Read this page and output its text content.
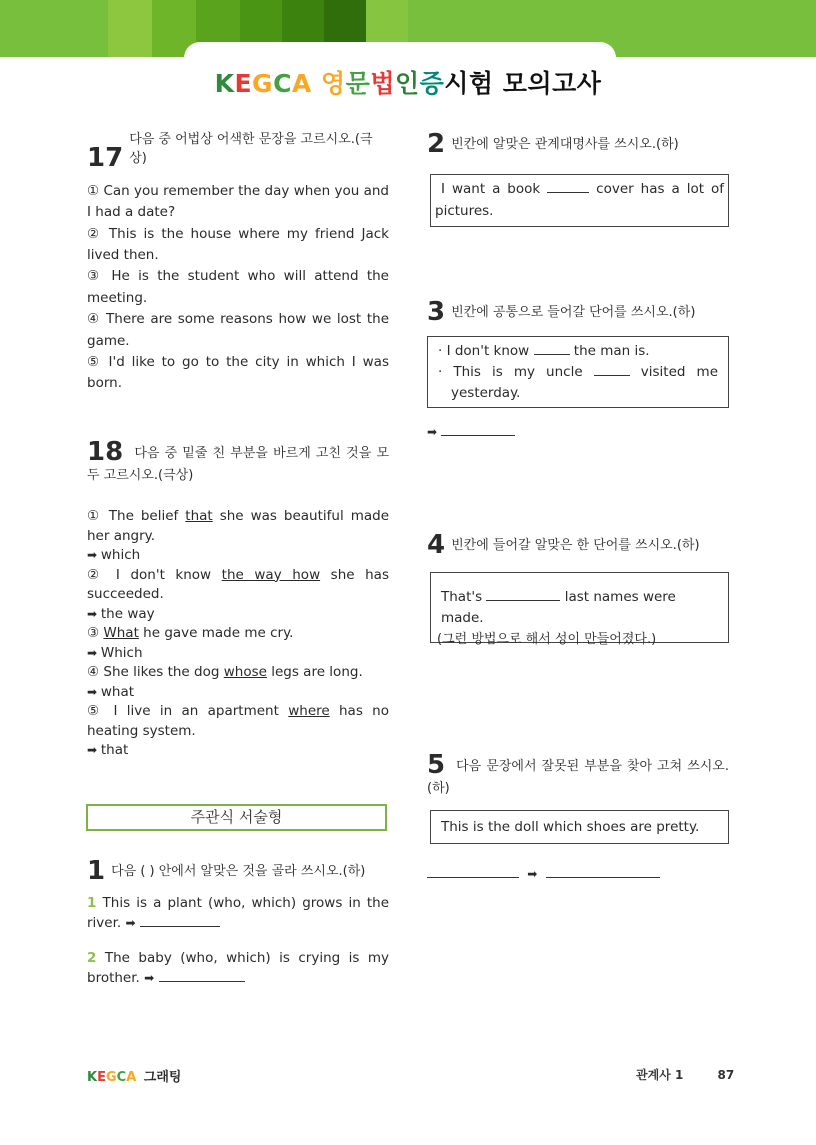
KEGCA 영문법인증시험 모의고사
17
다음 중 어법상 어색한 문장을 고르시오.(극상)
① Can you remember the day when you and I had a date?
② This is the house where my friend Jack lived then.
③ He is the student who will attend the meeting.
④ There are some reasons how we lost the game.
⑤ I'd like to go to the city in which I was born.
18 다음 중 밑줄 친 부분을 바르게 고친 것을 모두 고르시오.(극상)
① The belief that she was beautiful made her angry.
➡ which
② I don't know the way how she has succeeded.
➡ the way
③ What he gave made me cry.
➡ Which
④ She likes the dog whose legs are long.
➡ what
⑤ I live in an apartment where has no heating system.
➡ that
주관식 서술형
1 다음 ( ) 안에서 알맞은 것을 골라 쓰시오.(하)
1 This is a plant (who, which) grows in the river. ➡
2 The baby (who, which) is crying is my brother. ➡
2 빈칸에 알맞은 관계대명사를 쓰시오.(하)
I want a book	cover has a lot of pictures.
3 빈칸에 공통으로 들어갈 단어를 쓰시오.(하)
· I don't know	the man is.
· This is my uncle	visited me yesterday.
➡
4 빈칸에 들어갈 알맞은 한 단어를 쓰시오.(하)
That's	last names were made.
(그런 방법으로 해서 성이 만들어졌다.)
5 다음 문장에서 잘못된 부분을 찾아 고쳐 쓰시오.(하)
This is the doll which shoes are pretty.
➡
KEGCA 그래팅	관계사 1	87
